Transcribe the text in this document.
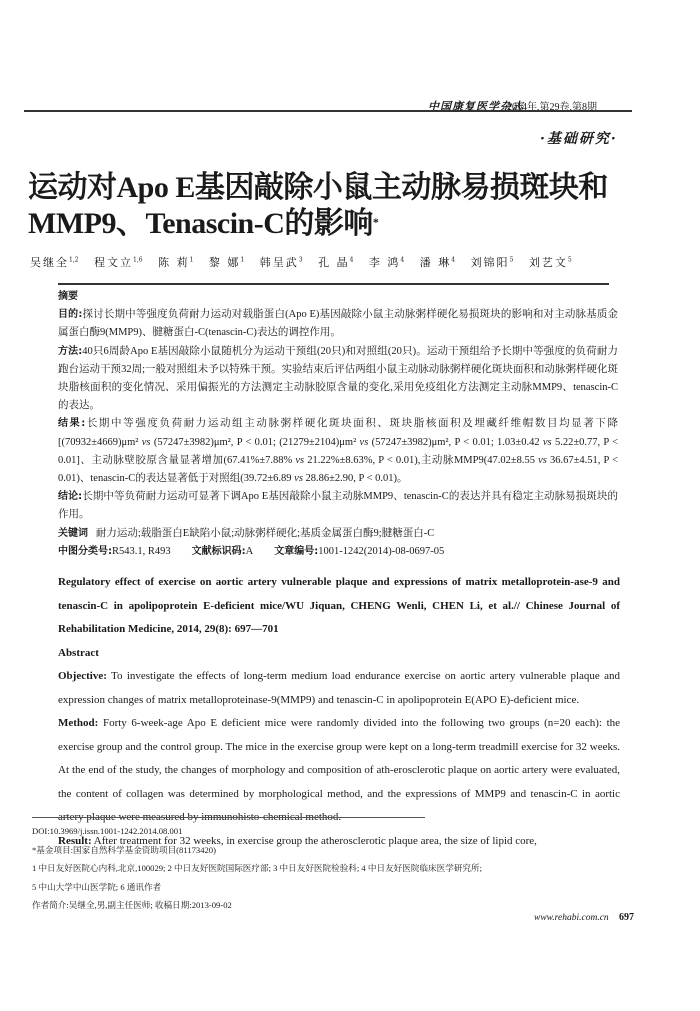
中国康复医学杂志
2014年,第29卷,第8期
·基础研究·
运动对Apo E基因敲除小鼠主动脉易损斑块和
MMP9、Tenascin-C的影响*
吴继全$^{1,2}$ 程文立$^{1,6}$ 陈 莉$^1$ 黎 娜$^1$ 韩呈武$^3$ 孔 晶$^4$ 李 鸿$^4$ 潘 琳$^4$ 刘锦阳$^5$ 刘艺文$^5$

摘要

目的:探讨长期中等强度负荷耐力运动对载脂蛋白(Apo E)基因敲除小鼠主动脉粥样硬化易损斑块的影响和对主动脉基质金属蛋白酶9(MMP9)、腱糖蛋白-C(tenascin-C)表达的调控作用。

方法:40只6周龄Apo E基因敲除小鼠随机分为运动干预组(20只)和对照组(20只)。运动干预组给予长期中等强度的负荷耐力跑台运动干预32周;一般对照组未予以特殊干预。实验结束后评估两组小鼠主动脉动脉粥样硬化斑块面积和动脉粥样硬化斑块脂核面积的变化情况、采用偏振光的方法测定主动脉胶原含量的变化,采用免疫组化方法测定主动脉MMP9、tenascin-C的表达。

结果:长期中等强度负荷耐力运动组主动脉粥样硬化斑块面积、斑块脂核面积及埋藏纤维帽数目均显著下降[(70932±4669)μm² vs (57247±3982)μm², P < 0.01; (21279±2104)μm² vs (57247±3982)μm², P < 0.01; 1.03±0.42 vs 5.22±0.77, P < 0.01]、主动脉壁胶原含量显著增加(67.41%±7.88% vs 21.22%±8.63%, P < 0.01),主动脉MMP9(47.02±8.55 vs 36.67±4.51, P < 0.01)、tenascin-C的表达显著低于对照组(39.72±6.89 vs 28.86±2.90, P < 0.01)。

结论:长期中等负荷耐力运动可显著下调Apo E基因敲除小鼠主动脉MMP9、tenascin-C的表达并具有稳定主动脉易损斑块的作用。

关键词 耐力运动;载脂蛋白E缺陷小鼠;动脉粥样硬化;基质金属蛋白酶9;腱糖蛋白-C

中图分类号:R543.1, R493 文献标识码:A 文章编号:1001-1242(2014)-08-0697-05

Regulatory effect of exercise on aortic artery vulnerable plaque and expressions of matrix metalloprotein-ase-9 and tenascin-C in apolipoprotein E-deficient mice/WU Jiquan, CHENG Wenli, CHEN Li, et al.// Chinese Journal of Rehabilitation Medicine, 2014, 29(8): 697—701

Abstract

Objective: To investigate the effects of long-term medium load endurance exercise on aortic artery vulnerable plaque and expression changes of matrix metalloproteinase-9(MMP9) and tenascin-C in apolipoprotein E(APO E)-deficient mice.

Method: Forty 6-week-age Apo E deficient mice were randomly divided into the following two groups (n=20 each): the exercise group and the control group. The mice in the exercise group were kept on a long-term treadmill exercise for 32 weeks. At the end of the study, the changes of morphology and composition of ath-erosclerotic plaque on aortic artery were evaluated, the content of collagen was determined by morphological method, and the expressions of MMP9 and tenascin-C in aortic artery plaque were measured by immunohisto-chemical method.

Result: After treatment for 32 weeks, in exercise group the atherosclerotic plaque area, the size of lipid core,

DOI:10.3969/j.issn.1001-1242.2014.08.001

*基金项目:国家自然科学基金资助项目(81173420)

1 中日友好医院心内科,北京,100029; 2 中日友好医院国际医疗部; 3 中日友好医院检验科; 4 中日友好医院临床医学研究所;

5 中山大学中山医学院; 6 通讯作者

作者简介:吴继全,男,副主任医师; 收稿日期:2013-09-02

www.rehabi.com.cn 697
